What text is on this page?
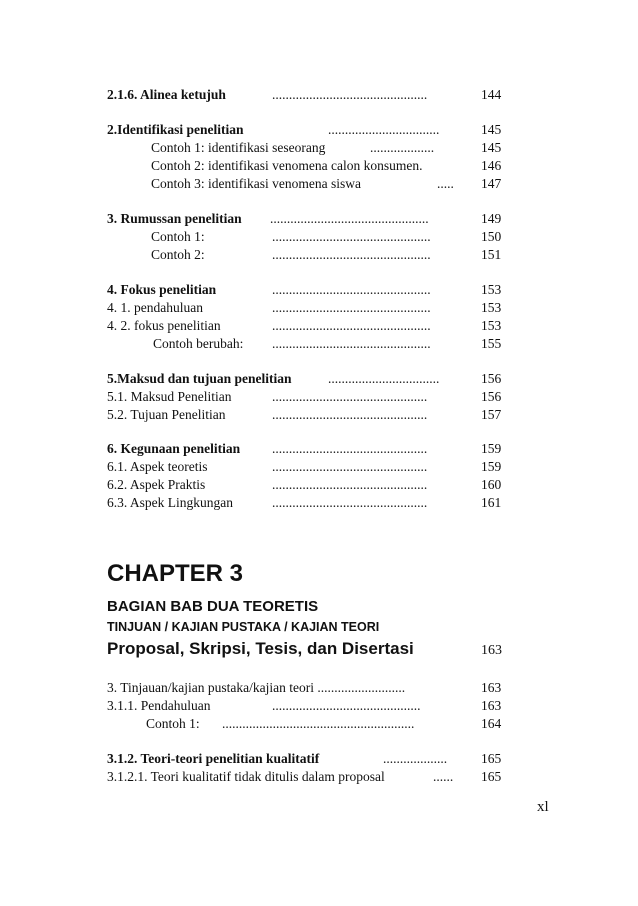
2.1.6. Alinea ketujuh	..............................................	144
2.Identifikasi penelitian	.................................	145
Contoh 1: identifikasi seseorang	...................	145
Contoh 2: identifikasi venomena calon konsumen.	146
Contoh 3: identifikasi venomena siswa	..... 147
3. Rumussan penelitian ...............................................	149
Contoh 1:	...............................................	150
Contoh 2:	...............................................	151
4. Fokus penelitian	...............................................	153
4. 1. pendahuluan	...............................................	153
4. 2. fokus penelitian	...............................................	153
Contoh berubah: ...............................................	155
5.Maksud dan tujuan penelitian	.................................	156
5.1. Maksud Penelitian	..............................................	156
5.2. Tujuan Penelitian	..............................................	157
6. Kegunaan penelitian ..............................................	159
6.1. Aspek teoretis	..............................................	159
6.2. Aspek Praktis	..............................................	160
6.3. Aspek Lingkungan	..............................................	161
CHAPTER 3
BAGIAN BAB DUA TEORETIS
TINJUAN / KAJIAN PUSTAKA / KAJIAN TEORI
Proposal, Skripsi, Tesis, dan Disertasi	163
3. Tinjauan/kajian pustaka/kajian teori ..........................	163
3.1.1. Pendahuluan	............................................	163
Contoh 1: .........................................................	164
3.1.2. Teori-teori penelitian kualitatif	...................	165
3.1.2.1. Teori kualitatif tidak ditulis dalam proposal	...... 165
xl
